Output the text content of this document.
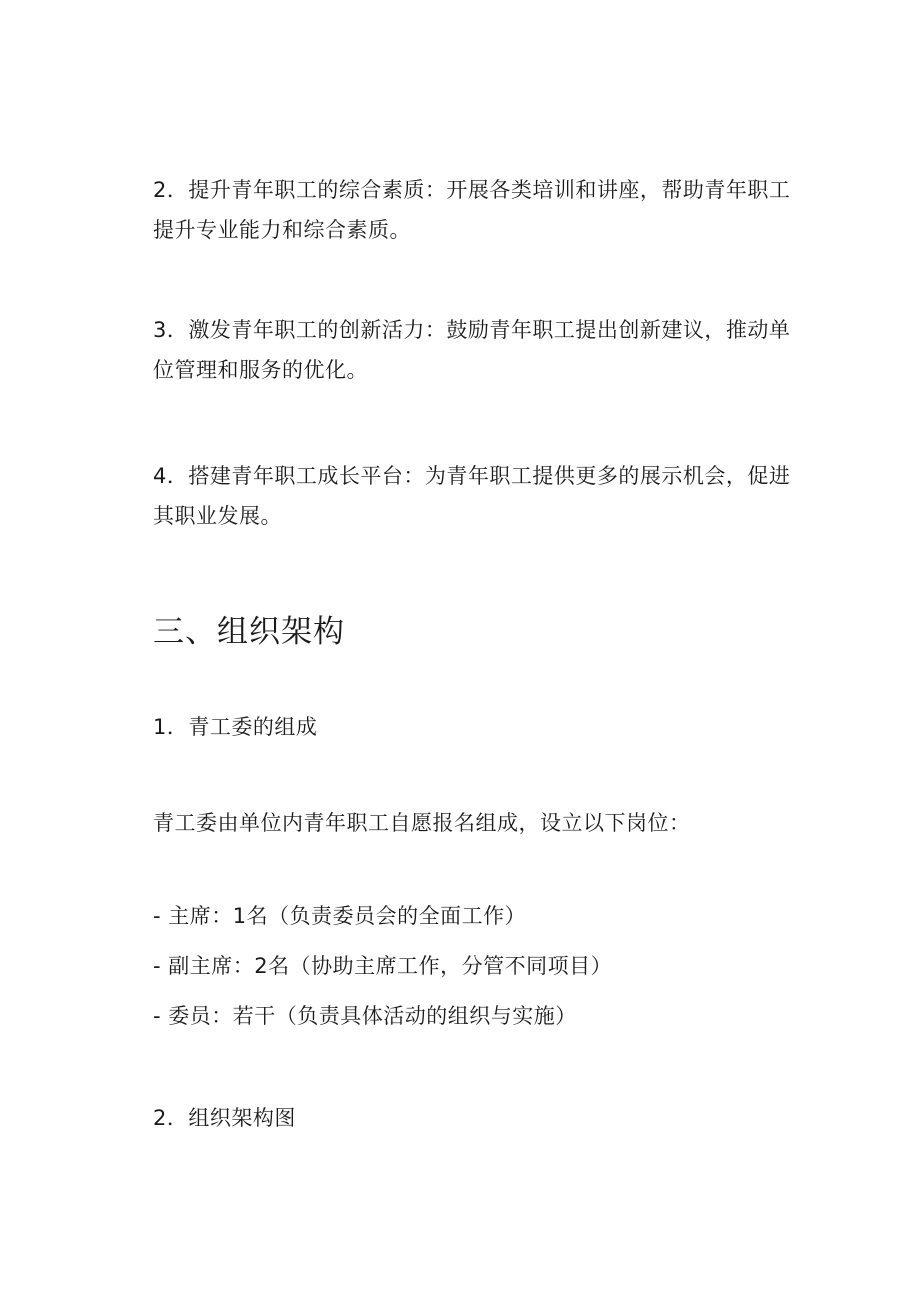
2．提升青年职工的综合素质：开展各类培训和讲座，帮助青年职工提升专业能力和综合素质。

3．激发青年职工的创新活力：鼓励青年职工提出创新建议，推动单位管理和服务的优化。

4．搭建青年职工成长平台：为青年职工提供更多的展示机会，促进其职业发展。

三、组织架构

1．青工委的组成

青工委由单位内青年职工自愿报名组成，设立以下岗位：

- 主席：1名（负责委员会的全面工作）

- 副主席：2名（协助主席工作，分管不同项目）

- 委员：若干（负责具体活动的组织与实施）

2．组织架构图
